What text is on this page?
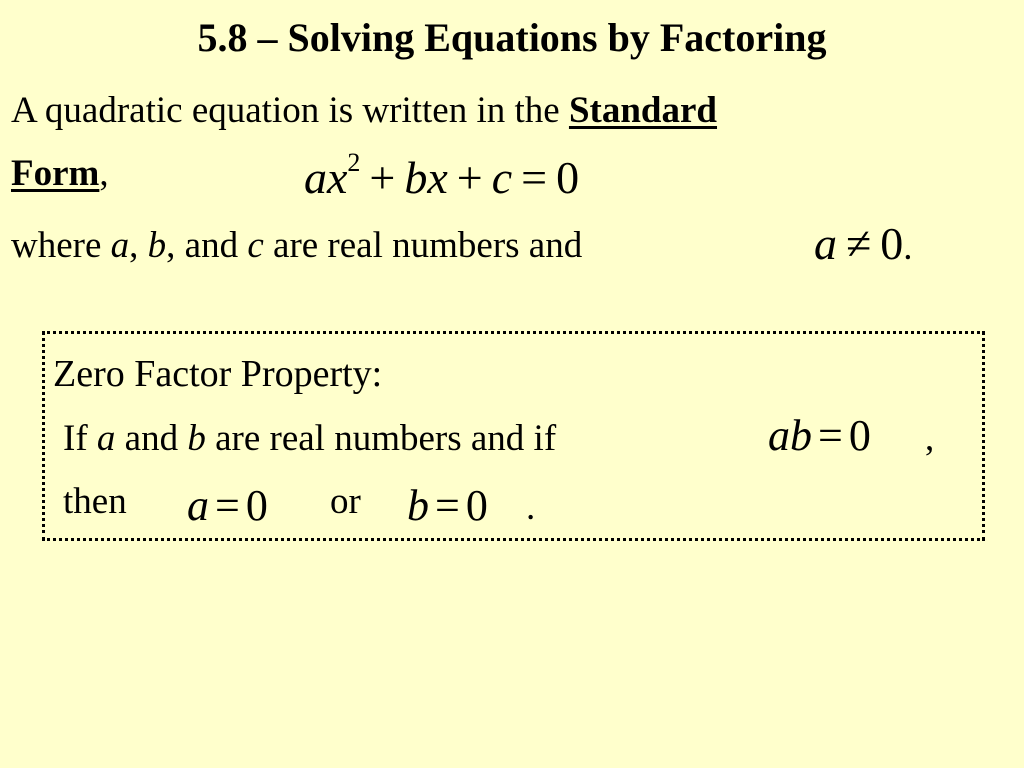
5.8 – Solving Equations by Factoring
A quadratic equation is written in the Standard
Form,	$ax^2$ + bx + c = 0
where a, b, and c are real numbers and	a ≠ 0.
Zero Factor Property:
If a and b are real numbers and if	ab = 0 ,
then a = 0 or b = 0 .
